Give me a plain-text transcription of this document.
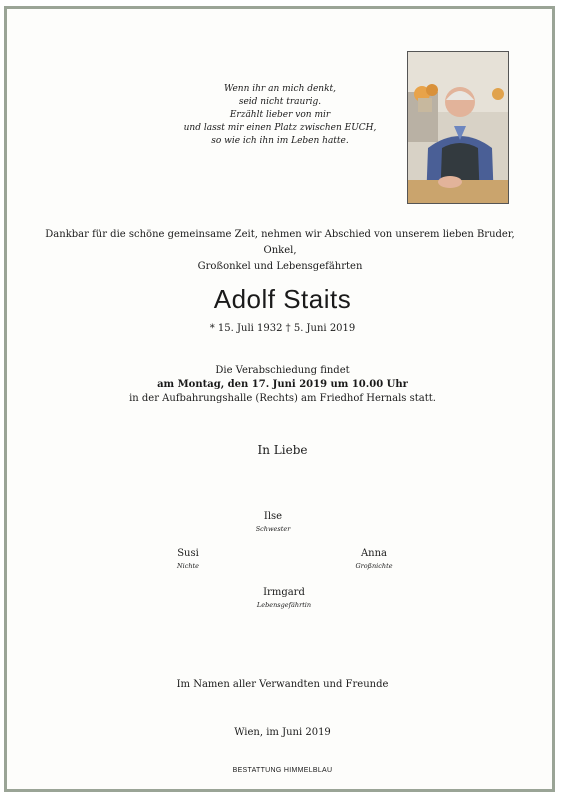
Wenn ihr an mich denkt,
seid nicht traurig.
Erzählt lieber von mir
und lasst mir einen Platz zwischen EUCH,
so wie ich ihn im Leben hatte.
Dankbar für die schöne gemeinsame Zeit, nehmen wir Abschied von unserem lieben Bruder, Onkel,
Großonkel und Lebensgefährten
Adolf Staits
* 15. Juli 1932 † 5. Juni 2019
Die Verabschiedung findet
am Montag, den 17. Juni 2019 um 10.00 Uhr
in der Aufbahrungshalle (Rechts) am Friedhof Hernals statt.
In Liebe
Ilse
Schwester
Susi
Nichte
Anna
Großnichte
Irmgard
Lebensgefährtin
Im Namen aller Verwandten und Freunde
Wien, im Juni 2019
BESTATTUNG HIMMELBLAU
